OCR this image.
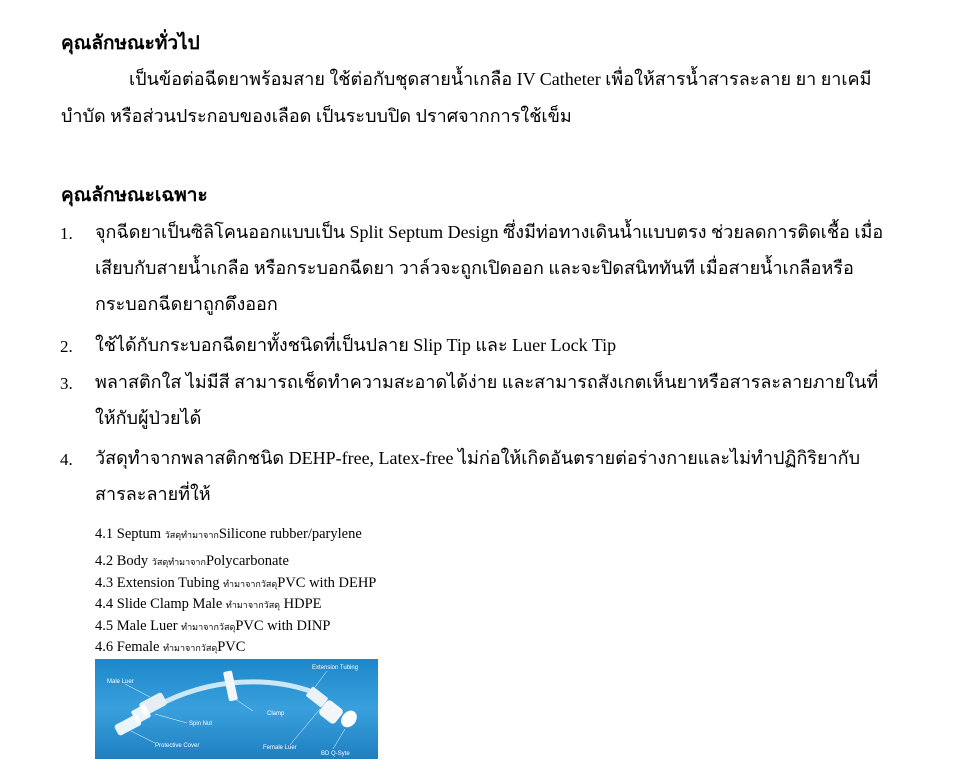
คุณลักษณะทั่วไป
เป็นข้อต่อฉีดยาพร้อมสาย ใช้ต่อกับชุดสายน้ำเกลือ IV Catheter เพื่อให้สารน้ำสารละลาย ยา ยาเคมี
บำบัด หรือส่วนประกอบของเลือด เป็นระบบปิด ปราศจากการใช้เข็ม
คุณลักษณะเฉพาะ
1. จุกฉีดยาเป็นซิลิโคนออกแบบเป็น Split Septum Design ซึ่งมีท่อทางเดินน้ำแบบตรง ช่วยลดการติดเชื้อ เมื่อ
เสียบกับสายน้ำเกลือ หรือกระบอกฉีดยา วาล์วจะถูกเปิดออก และจะปิดสนิททันที เมื่อสายน้ำเกลือหรือ
กระบอกฉีดยาถูกดึงออก
2. ใช้ได้กับกระบอกฉีดยาทั้งชนิดที่เป็นปลาย Slip Tip และ Luer Lock Tip
3. พลาสติกใส ไม่มีสี สามารถเช็ดทำความสะอาดได้ง่าย และสามารถสังเกตเห็นยาหรือสารละลายภายในที่
ให้กับผู้ป่วยได้
4. วัสดุทำจากพลาสติกชนิด DEHP-free, Latex-free ไม่ก่อให้เกิดอันตรายต่อร่างกายและไม่ทำปฏิกิริยากับ
สารละลายที่ให้
4.1 Septum วัสดุทำมาจากSilicone rubber/parylene
4.2 Body วัสดุทำมาจากPolycarbonate
4.3 Extension Tubing ทำมาจากวัสดุPVC with DEHP
4.4 Slide Clamp Male ทำมาจากวัสดุ HDPE
4.5 Male Luer ทำมาจากวัสดุPVC with DINP
4.6 Female ทำมาจากวัสดุPVC
Male Luer
Extension Tubing
Clamp
Spin Nut
Protective Cover	Female Luer
BD Q-Syte
